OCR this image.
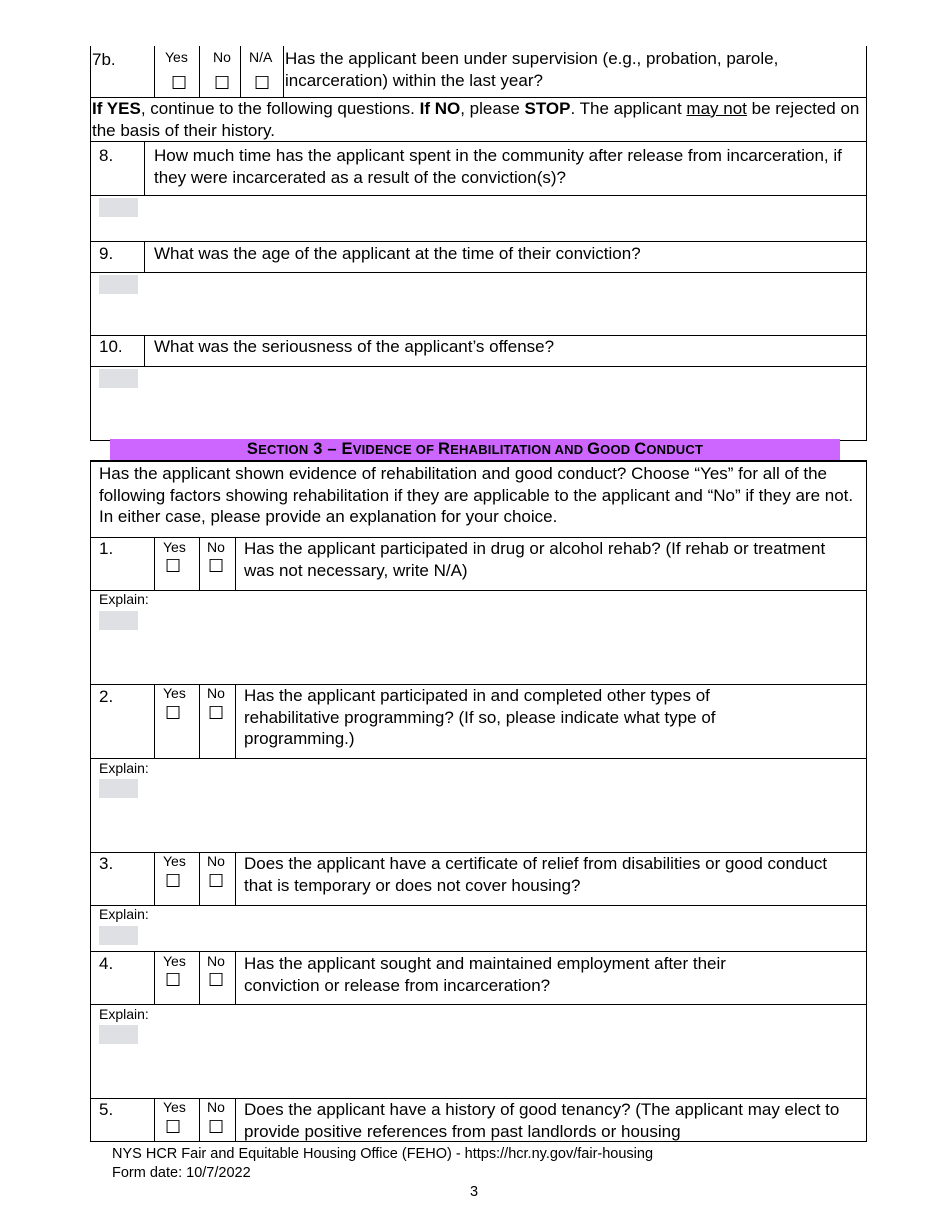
7b.	Yes No N/A
☐ ☐ ☐
Has the applicant been under supervision (e.g., probation, parole, incarceration) within the last year?
If YES, continue to the following questions. If NO, please STOP. The applicant may not be rejected on the basis of their history.
8. How much time has the applicant spent in the community after release from incarceration, if they were incarcerated as a result of the conviction(s)?
9. What was the age of the applicant at the time of their conviction?
10. What was the seriousness of the applicant’s offense?
SECTION 3 – EVIDENCE OF REHABILITATION AND GOOD CONDUCT
Has the applicant shown evidence of rehabilitation and good conduct? Choose “Yes” for all of the following factors showing rehabilitation if they are applicable to the applicant and “No” if they are not. In either case, please provide an explanation for your choice.
1.	Yes No
☐ ☐
Has the applicant participated in drug or alcohol rehab? (If rehab or treatment was not necessary, write N/A)
Explain:
2.	Yes No
☐ ☐
Has the applicant participated in and completed other types of rehabilitative programming? (If so, please indicate what type of programming.)
Explain:
3.	Yes No
☐ ☐
Does the applicant have a certificate of relief from disabilities or good conduct that is temporary or does not cover housing?
Explain:
4.	Yes No
☐ ☐
Has the applicant sought and maintained employment after their conviction or release from incarceration?
Explain:
5.	Yes No
☐ ☐
Does the applicant have a history of good tenancy? (The applicant may elect to provide positive references from past landlords or housing
NYS HCR Fair and Equitable Housing Office (FEHO) - https://hcr.ny.gov/fair-housing
Form date: 10/7/2022
3
